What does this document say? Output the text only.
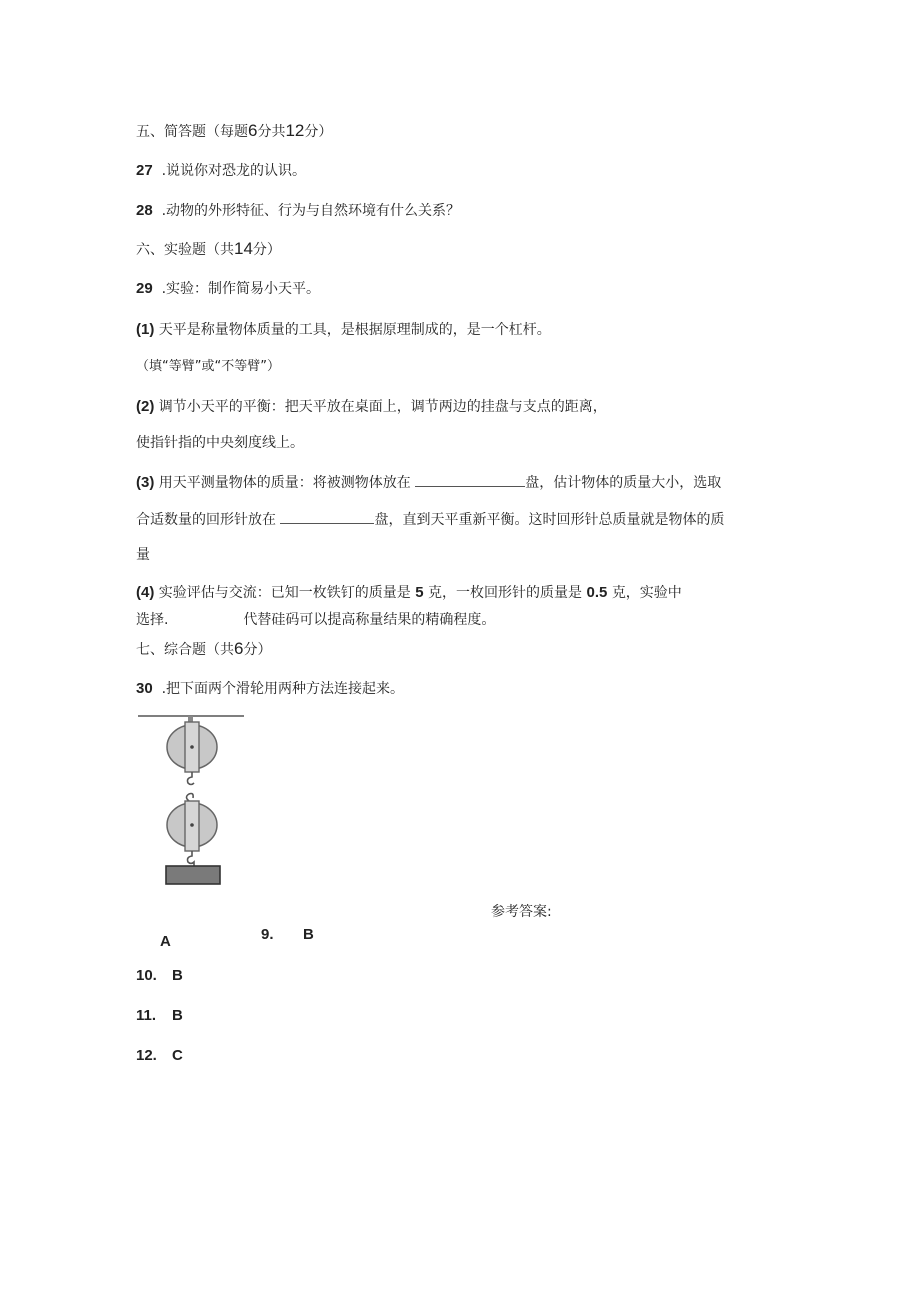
五、简答题（每题6分共12分）
27 .说说你对恐龙的认识。
28 .动物的外形特征、行为与自然环境有什么关系？
六、实验题（共14分）
29 .实验：制作简易小天平。
(1) 天平是称量物体质量的工具，是根据原理制成的，是一个杠杆。
（填“等臂”或“不等臂”）
(2) 调节小天平的平衡：把天平放在桌面上，调节两边的挂盘与支点的距离，
使指针指的中央刻度线上。
(3) 用天平测量物体的质量：将被测物体放在	盘，估计物体的质量大小，选取
合适数量的回形针放在	盘，直到天平重新平衡。这时回形针总质量就是物体的质
量
(4) 实验评估与交流：已知一枚铁钉的质量是 5 克，一枚回形针的质量是 0.5 克，实验中
选择.	代替硅码可以提高称量结果的精确程度。
七、综合题（共6分）
30 .把下面两个滑轮用两种方法连接起来。
参考答案:
A	9. B
10. B
11. B
12. C
